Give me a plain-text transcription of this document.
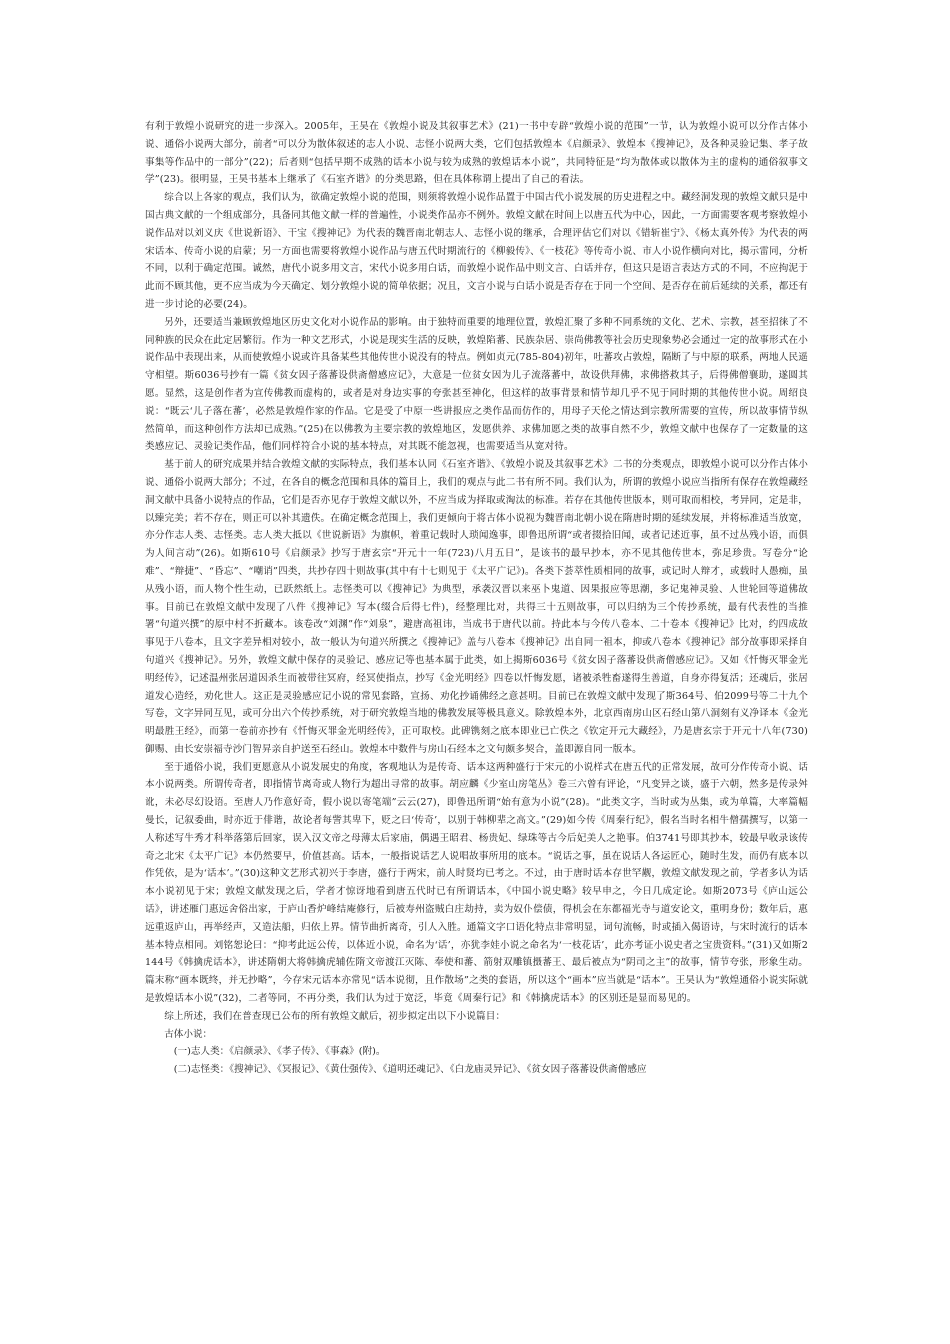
有利于敦煌小说研究的进一步深入。2005年，王昊在《敦煌小说及其叙事艺术》(21)一书中专辟“敦煌小说的范围”一节，认为敦煌小说可以分作古体小说、通俗小说两大部分，前者“可以分为散体叙述的志人小说、志怪小说两大类，它们包括敦煌本《启颜录》、敦煌本《搜神记》，及各种灵验记集、孝子故事集等作品中的一部分”(22)；后者则“包括早期不成熟的话本小说与较为成熟的敦煌话本小说”，共同特征是“均为散体或以散体为主的虚构的通俗叙事文学”(23)。很明显，王昊书基本上继承了《石室齐谐》的分类思路，但在具体称谓上提出了自己的看法。

综合以上各家的观点，我们认为，欲确定敦煌小说的范围，则须将敦煌小说作品置于中国古代小说发展的历史进程之中。藏经洞发现的敦煌文献只是中国古典文献的一个组成部分，具备同其他文献一样的普遍性，小说类作品亦不例外。敦煌文献在时间上以唐五代为中心，因此，一方面需要客观考察敦煌小说作品对以刘义庆《世说新语》、干宝《搜神记》为代表的魏晋南北朝志人、志怪小说的继承，合理评估它们对以《错斩崔宁》、《杨太真外传》为代表的两宋话本、传奇小说的启蒙；另一方面也需要将敦煌小说作品与唐五代时期流行的《柳毅传》、《一枝花》等传奇小说、市人小说作横向对比，揭示雷同，分析不同，以利于确定范围。诚然，唐代小说多用文言，宋代小说多用白话，而敦煌小说作品中则文言、白话并存，但这只是语言表达方式的不同，不应拘泥于此而不顾其他，更不应当成为今天确定、划分敦煌小说的简单依据；况且，文言小说与白话小说是否存在于同一个空间、是否存在前后延续的关系，都还有进一步讨论的必要(24)。

另外，还要适当兼顾敦煌地区历史文化对小说作品的影响。由于独特而重要的地理位置，敦煌汇聚了多种不同系统的文化、艺术、宗教，甚至招徕了不同种族的民众在此定居繁衍。作为一种文艺形式，小说是现实生活的反映，敦煌陷蕃、民族杂居、崇尚佛教等社会历史现象势必会通过一定的故事形式在小说作品中表现出来，从而使敦煌小说或许具备某些其他传世小说没有的特点。例如贞元(785-804)初年，吐蕃攻占敦煌，隔断了与中原的联系，两地人民遥守相望。斯6036号抄有一篇《贫女因子落蕃设供斋僧感应记》，大意是一位贫女因为儿子流落蕃中，故设供拜佛，求佛搭救其子，后得佛僧襄助，遂圆其愿。显然，这是创作者为宣传佛教而虚构的，或者是对身边实事的夸张甚至神化，但这样的故事背景和情节却几乎不见于同时期的其他传世小说。周绍良说：“既云‘儿子落在蕃’，必然是敦煌作家的作品。它是受了中原一些讲报应之类作品而仿作的，用母子天伦之情达到宗教所需要的宣传，所以故事情节纵然简单，而这种创作方法却已成熟。”(25)在以佛教为主要宗教的敦煌地区，发愿供养、求佛加愿之类的故事自然不少，敦煌文献中也保存了一定数量的这类感应记、灵验记类作品，他们同样符合小说的基本特点，对其既不能忽视，也需要适当从宽对待。

基于前人的研究成果并结合敦煌文献的实际特点，我们基本认同《石室齐谐》、《敦煌小说及其叙事艺术》二书的分类观点，即敦煌小说可以分作古体小说、通俗小说两大部分；不过，在各自的概念范围和具体的篇目上，我们的观点与此二书有所不同。我们认为，所谓的敦煌小说应当指所有保存在敦煌藏经洞文献中具备小说特点的作品，它们是否亦见存于敦煌文献以外，不应当成为择取或淘汰的标准。若存在其他传世版本，则可取而相校，考异同，定是非，以臻完美；若不存在，则正可以补其遗佚。在确定概念范围上，我们更倾向于将古体小说视为魏晋南北朝小说在隋唐时期的延续发展，并将标准适当放宽，亦分作志人类、志怪类。志人类大抵以《世说新语》为旗帜，着重记载时人琐闻逸事，即鲁迅所谓“或者掇拾旧闻，或者记述近事，虽不过丛残小语，而俱为人间言动”(26)。如斯610号《启颜录》抄写于唐玄宗“开元十一年(723)八月五日”，是该书的最早抄本，亦不见其他传世本，弥足珍贵。写卷分“论难”、“辩捷”、“昏忘”、“嘲诮”四类，共抄存四十则故事(其中有十七则见于《太平广记》)。各类下荟萃性质相同的故事，或记时人辩才，或载时人愚痴，虽从残小语，而人物个性生动，已跃然纸上。志怪类可以《搜神记》为典型，承袭汉晋以来巫卜鬼道、因果报应等思潮，多记鬼神灵验、人世轮回等道佛故事。目前已在敦煌文献中发现了八件《搜神记》写本(缀合后得七件)，经整理比对，共得三十五则故事，可以归纳为三个传抄系统，最有代表性的当推署“句道兴撰”的原中村不折藏本。该卷改“刘渊”作“刘泉”，避唐高祖讳，当成书于唐代以前。持此本与今传八卷本、二十卷本《搜神记》比对，约四成故事见于八卷本，且文字差异相对较小，故一般认为句道兴所撰之《搜神记》盖与八卷本《搜神记》出自同一祖本，抑或八卷本《搜神记》部分故事即采择自句道兴《搜神记》。另外，敦煌文献中保存的灵验记、感应记等也基本属于此类，如上揭斯6036号《贫女因子落蕃设供斋僧感应记》。又如《忏悔灭罪金光明经传》，记述温州张居道因杀生而被带往冥府，经冥使指点，抄写《金光明经》四卷以忏悔发愿，诸被杀牲畜遂得生善道，自身亦得复活；还魂后，张居道发心造经，劝化世人。这正是灵验感应记小说的常见套路，宣扬、劝化抄诵佛经之意甚明。目前已在敦煌文献中发现了斯364号、伯2099号等二十九个写卷，文字异同互见，或可分出六个传抄系统，对于研究敦煌当地的佛教发展等极具意义。除敦煌本外，北京西南房山区石经山第八洞刻有义净译本《金光明最胜王经》，而第一卷前亦抄有《忏悔灭罪金光明经传》，正可取校。此碑镌刻之底本即业已亡佚之《钦定开元大藏经》，乃是唐玄宗于开元十八年(730)御赐、由长安崇福寺沙门智昇亲自护送至石经山。敦煌本中数件与房山石经本之文句颇多契合，盖即源自同一版本。

至于通俗小说，我们更愿意从小说发展史的角度，客观地认为是传奇、话本这两种盛行于宋元的小说样式在唐五代的正常发展，故可分作传奇小说、话本小说两类。所谓传奇者，即指情节离奇或人物行为超出寻常的故事。胡应麟《少室山房笔丛》卷三六曾有评论，“凡变异之谈，盛于六朝，然多是传录舛讹，未必尽幻设语。至唐人乃作意好奇，假小说以寄笔端”云云(27)，即鲁迅所谓“始有意为小说”(28)。“此类文字，当时或为丛集，或为单篇，大率篇幅曼长，记叙委曲，时亦近于俳谐，故论者每訾其卑下，贬之曰‘传奇’，以别于韩柳辈之高文。”(29)如今传《周秦行纪》，假名当时名相牛僧孺撰写，以第一人称述写牛秀才科举落第后回家，误入汉文帝之母薄太后家庙，偶遇王昭君、杨贵妃、绿珠等古今后妃美人之艳事。伯3741号即其抄本，较最早收录该传奇之北宋《太平广记》本仍然要早，价值甚高。话本，一般指说话艺人说唱故事所用的底本。“说话之事，虽在说话人各运匠心，随时生发，而仍有底本以作凭依，是为‘话本’。”(30)这种文艺形式初兴于李唐，盛行于两宋，前人时贤均已考之。不过，由于唐时话本存世罕觏，敦煌文献发现之前，学者多认为话本小说初见于宋；敦煌文献发现之后，学者才惊讶地看到唐五代时已有所谓话本，《中国小说史略》较早申之，今日几成定论。如斯2073号《庐山远公话》，讲述雁门惠远舍俗出家，于庐山香炉峰结庵修行，后被寿州盗贼白庄劫持，卖为奴仆偿债，得机会在东都福光寺与道安论文，重明身份；数年后，惠远重返庐山，再举经声，又造法船，归依上界。情节曲折离奇，引人入胜。通篇文字口语化特点非常明显，词句流畅，时或插入偈语诗，与宋时流行的话本基本特点相同。刘铭恕论曰：“抑考此远公传，以体近小说，命名为‘话’，亦犹李娃小说之命名为‘一枝花话’，此亦考证小说史者之宝贵资料。”(31)又如斯2144号《韩擒虎话本》，讲述隋朝大将韩擒虎辅佐隋文帝渡江灭陈、奉使和蕃、箭射双雕镇摄蕃王、最后被点为“阴司之主”的故事，情节夸张，形象生动。篇末称“画本既终，并无抄略”，今存宋元话本亦常见“话本说彻，且作散场”之类的套语，所以这个“画本”应当就是“话本”。王昊认为“敦煌通俗小说实际就是敦煌话本小说”(32)，二者等同，不再分类，我们认为过于宽泛，毕竟《周秦行记》和《韩擒虎话本》的区别还是显而易见的。

综上所述，我们在普查现已公布的所有敦煌文献后，初步拟定出以下小说篇目：

古体小说：

(一)志人类：《启颜录》、《孝子传》、《事森》(附)。

(二)志怪类：《搜神记》、《冥报记》、《黄仕强传》、《道明还魂记》、《白龙庙灵异记》、《贫女因子落蕃设供斋僧感应
